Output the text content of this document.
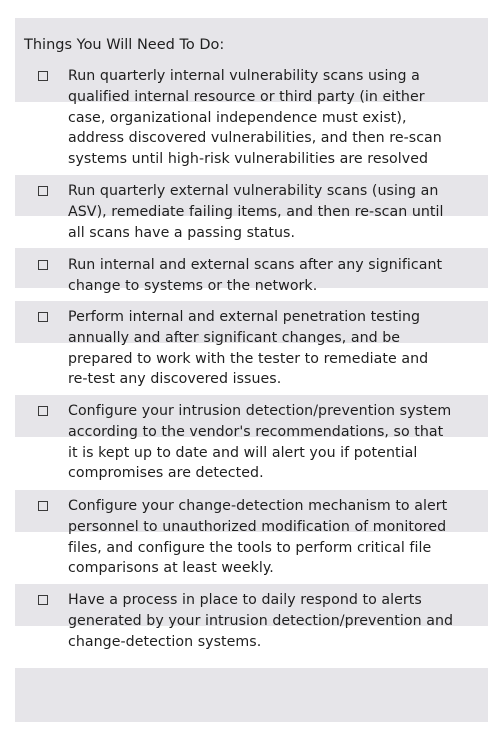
Things You Will Need To Do:
Run quarterly internal vulnerability scans using a
qualified internal resource or third party (in either
case, organizational independence must exist),
address discovered vulnerabilities, and then re-scan
systems until high-risk vulnerabilities are resolved
Run quarterly external vulnerability scans (using an
ASV), remediate failing items, and then re-scan until
all scans have a passing status.
Run internal and external scans after any significant
change to systems or the network.
Perform internal and external penetration testing
annually and after significant changes, and be
prepared to work with the tester to remediate and
re-test any discovered issues.
Configure your intrusion detection/prevention system
according to the vendor's recommendations, so that
it is kept up to date and will alert you if potential
compromises are detected.
Configure your change-detection mechanism to alert
personnel to unauthorized modification of monitored
files, and configure the tools to perform critical file
comparisons at least weekly.
Have a process in place to daily respond to alerts
generated by your intrusion detection/prevention and
change-detection systems.
